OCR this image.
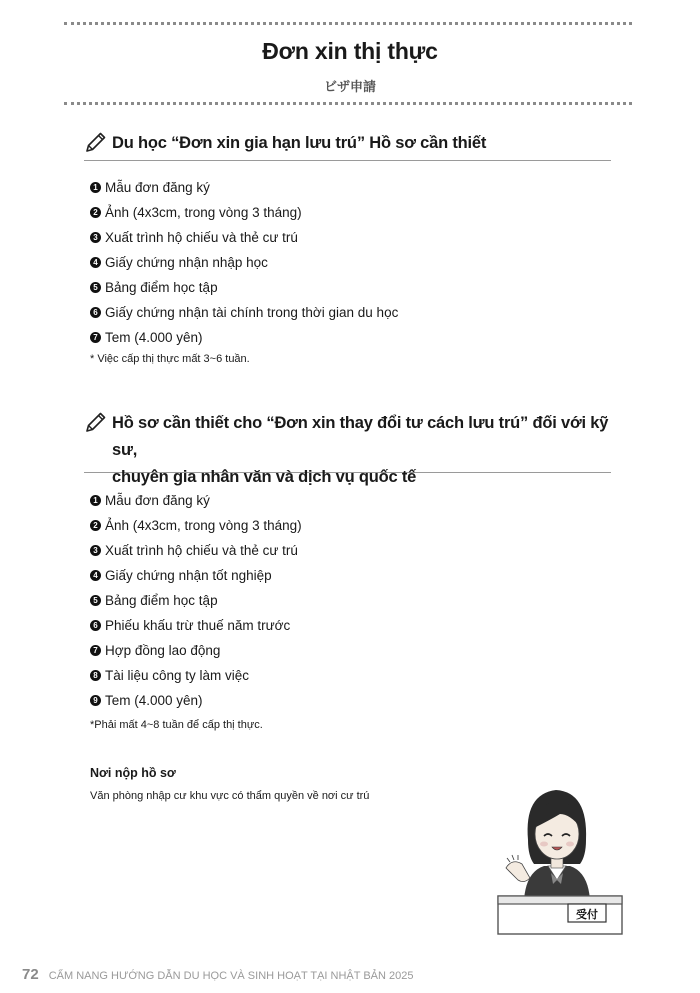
Đơn xin thị thực
ビザ申請
Du học “Đơn xin gia hạn lưu trú” Hồ sơ cần thiết
1 Mẫu đơn đăng ký
2 Ảnh (4x3cm, trong vòng 3 tháng)
3 Xuất trình hộ chiếu và thẻ cư trú
4 Giấy chứng nhận nhập học
5 Bảng điểm học tập
6 Giấy chứng nhận tài chính trong thời gian du học
7 Tem (4.000 yên)
* Việc cấp thị thực mất 3~6 tuần.
Hồ sơ cần thiết cho “Đơn xin thay đổi tư cách lưu trú” đối với kỹ sư,
chuyên gia nhân văn và dịch vụ quốc tế
1 Mẫu đơn đăng ký
2 Ảnh (4x3cm, trong vòng 3 tháng)
3 Xuất trình hộ chiếu và thẻ cư trú
4 Giấy chứng nhận tốt nghiệp
5 Bảng điểm học tập
6 Phiếu khấu trừ thuế năm trước
7 Hợp đồng lao động
8 Tài liệu công ty làm việc
9 Tem (4.000 yên)
*Phải mất 4~8 tuần để cấp thị thực.
Nơi nộp hồ sơ
Văn phòng nhập cư khu vực có thẩm quyền về nơi cư trú
受付
72 CẨM NANG HƯỚNG DẪN DU HỌC VÀ SINH HOẠT TẠI NHẬT BẢN 2025
